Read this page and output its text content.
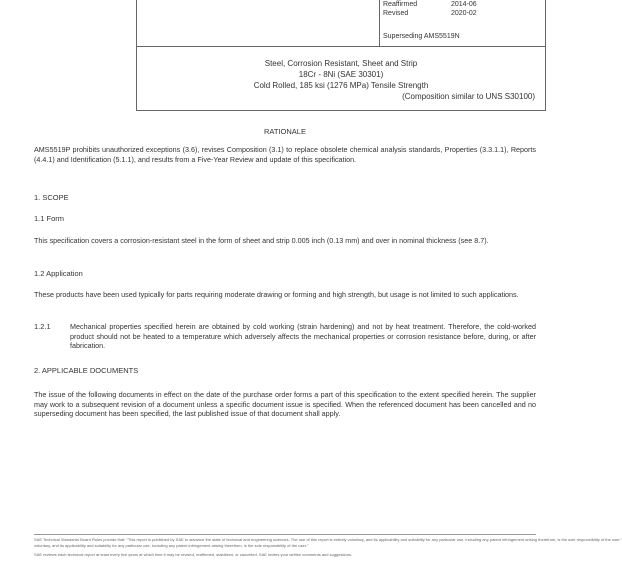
Reaffirmed	2014-06
Revised	2020-02
Superseding AMS5519N
Steel, Corrosion Resistant, Sheet and Strip
18Cr - 8Ni (SAE 30301)
Cold Rolled, 185 ksi (1276 MPa) Tensile Strength
(Composition similar to UNS S30100)
RATIONALE
AMS5519P prohibits unauthorized exceptions (3.6), revises Composition (3.1) to replace obsolete chemical analysis standards, Properties (3.3.1.1), Reports (4.4.1) and Identification (5.1.1), and results from a Five-Year Review and update of this specification.
1. SCOPE
1.1 Form
This specification covers a corrosion-resistant steel in the form of sheet and strip 0.005 inch (0.13 mm) and over in nominal thickness (see 8.7).
1.2 Application
These products have been used typically for parts requiring moderate drawing or forming and high strength, but usage is not limited to such applications.
1.2.1	Mechanical properties specified herein are obtained by cold working (strain hardening) and not by heat treatment. Therefore, the cold-worked product should not be heated to a temperature which adversely affects the mechanical properties or corrosion resistance before, during, or after fabrication.
2. APPLICABLE DOCUMENTS
The issue of the following documents in effect on the date of the purchase order forms a part of this specification to the extent specified herein. The supplier may work to a subsequent revision of a document unless a specific document issue is specified. When the referenced document has been cancelled and no superseding document has been specified, the last published issue of that document shall apply.
SAE Technical Standards Board Rules provide that: "This report is published by SAE to advance the state of technical and engineering sciences. The use of this report is entirely voluntary, and its applicability and suitability for any particular use, including any patent infringement arising therefrom, is the sole responsibility of the user."
voluntary, and its applicability and suitability for any particular use, including any patent infringement arising therefrom, is the sole responsibility of the user."
SAE reviews each technical report at least every five years at which time it may be revised, reaffirmed, stabilized, or cancelled. SAE invites your written comments and suggestions.
